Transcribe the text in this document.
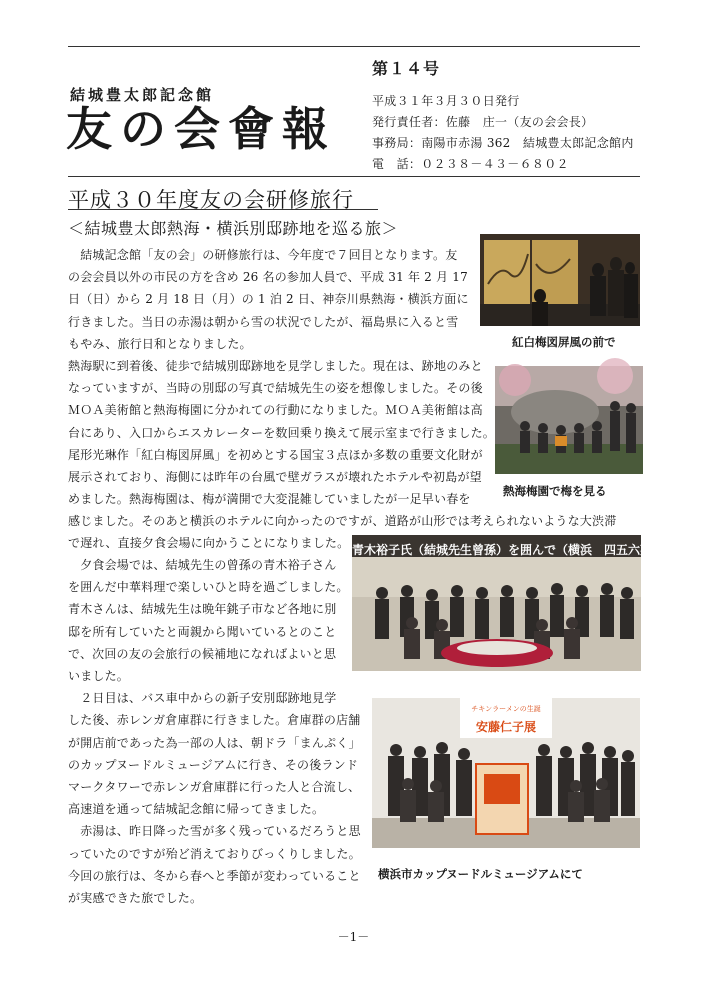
結城豊太郎記念館
友の会會報
第１４号
平成３１年３月３０日発行
発行責任者：佐藤　庄一（友の会会長）
事務局：南陽市赤湯 362　結城豊太郎記念館内
電　話：０２３８－４３－６８０２
平成３０年度友の会研修旅行
＜結城豊太郎熱海・横浜別邸跡地を巡る旅＞
　結城記念館「友の会」の研修旅行は、今年度で７回目となります。友
の会会員以外の市民の方を含め 26 名の参加人員で、平成 31 年 2 月 17
日（日）から 2 月 18 日（月）の 1 泊 2 日、神奈川県熱海・横浜方面に
行きました。当日の赤湯は朝から雪の状況でしたが、福島県に入ると雪
もやみ、旅行日和となりました。
熱海駅に到着後、徒歩で結城別邸跡地を見学しました。現在は、跡地のみと
なっていますが、当時の別邸の写真で結城先生の姿を想像しました。その後
ＭＯＡ美術館と熱海梅園に分かれての行動になりました。ＭＯＡ美術館は高
台にあり、入口からエスカレーターを数回乗り換えて展示室まで行きました。
尾形光琳作「紅白梅図屏風」を初めとする国宝３点ほか多数の重要文化財が
展示されており、海側には昨年の台風で壁ガラスが壊れたホテルや初島が望
めました。熱海梅園は、梅が満開で大変混雑していましたが一足早い春を
感じました。そのあと横浜のホテルに向かったのですが、道路が山形では考えられないような大渋滞
で遅れ、直接夕食会場に向かうことになりました。
　夕食会場では、結城先生の曾孫の青木裕子さん
を囲んだ中華料理で楽しいひと時を過ごしました。
青木さんは、結城先生は晩年銚子市など各地に別
邸を所有していたと両親から聞いているとのこと
で、次回の友の会旅行の候補地になればよいと思
いました。
　２日目は、バス車中からの新子安別邸跡地見学
した後、赤レンガ倉庫群に行きました。倉庫群の店舗
が開店前であった為一部の人は、朝ドラ「まんぷく」
のカップヌードルミュージアムに行き、その後ランド
マークタワーで赤レンガ倉庫群に行った人と合流し、
高速道を通って結城記念館に帰ってきました。
　赤湯は、昨日降った雪が多く残っているだろうと思
っていたのですが殆ど消えておりびっくりしました。
今回の旅行は、冬から春へと季節が変わっていること
が実感できた旅でした。
紅白梅図屏風の前で
熱海梅園で梅を見る
青木裕子氏（結城先生曾孫）を囲んで（横浜　四五六菜館）
チキンラーメンの生誕
安藤仁子展
横浜市カップヌードルミュージアムにて
－1－
